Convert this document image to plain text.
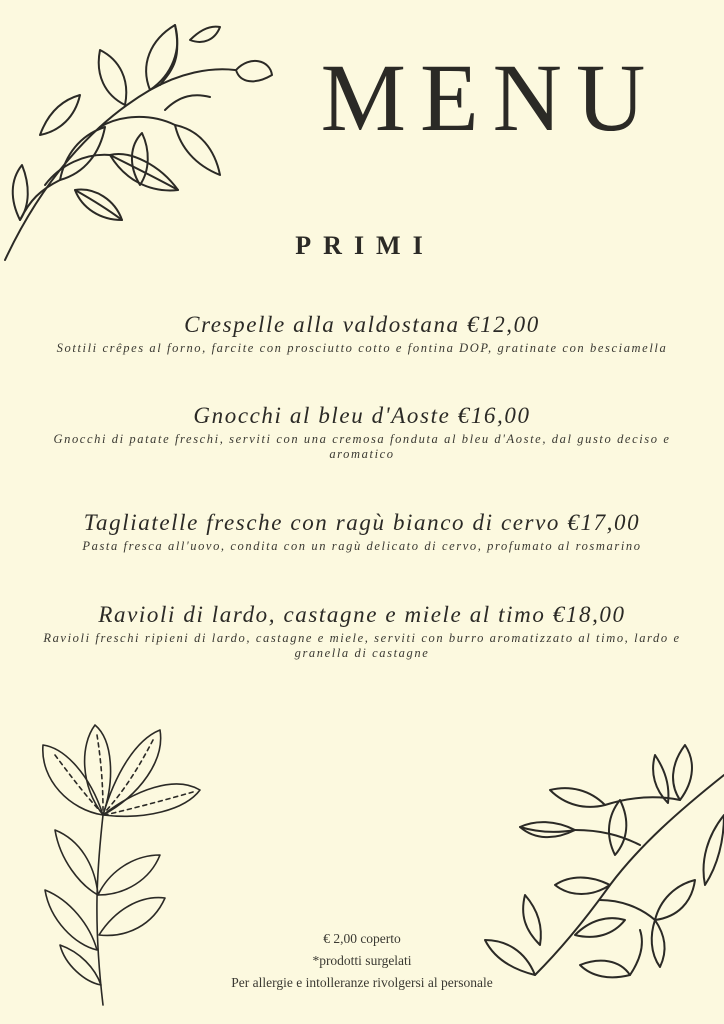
MENU
PRIMI

Crespelle alla valdostana €12,00

Sottili crêpes al forno, farcite con prosciutto cotto e fontina DOP, gratinate con besciamella

Gnocchi al bleu d'Aoste €16,00

Gnocchi di patate freschi, serviti con una cremosa fonduta al bleu d'Aoste, dal gusto deciso e aromatico

Tagliatelle fresche con ragù bianco di cervo €17,00

Pasta fresca all'uovo, condita con un ragù delicato di cervo, profumato al rosmarino

Ravioli di lardo, castagne e miele al timo €18,00

Ravioli freschi ripieni di lardo, castagne e miele, serviti con burro aromatizzato al timo, lardo e granella di castagne

€ 2,00 coperto
*prodotti surgelati
Per allergie e intolleranze rivolgersi al personale
